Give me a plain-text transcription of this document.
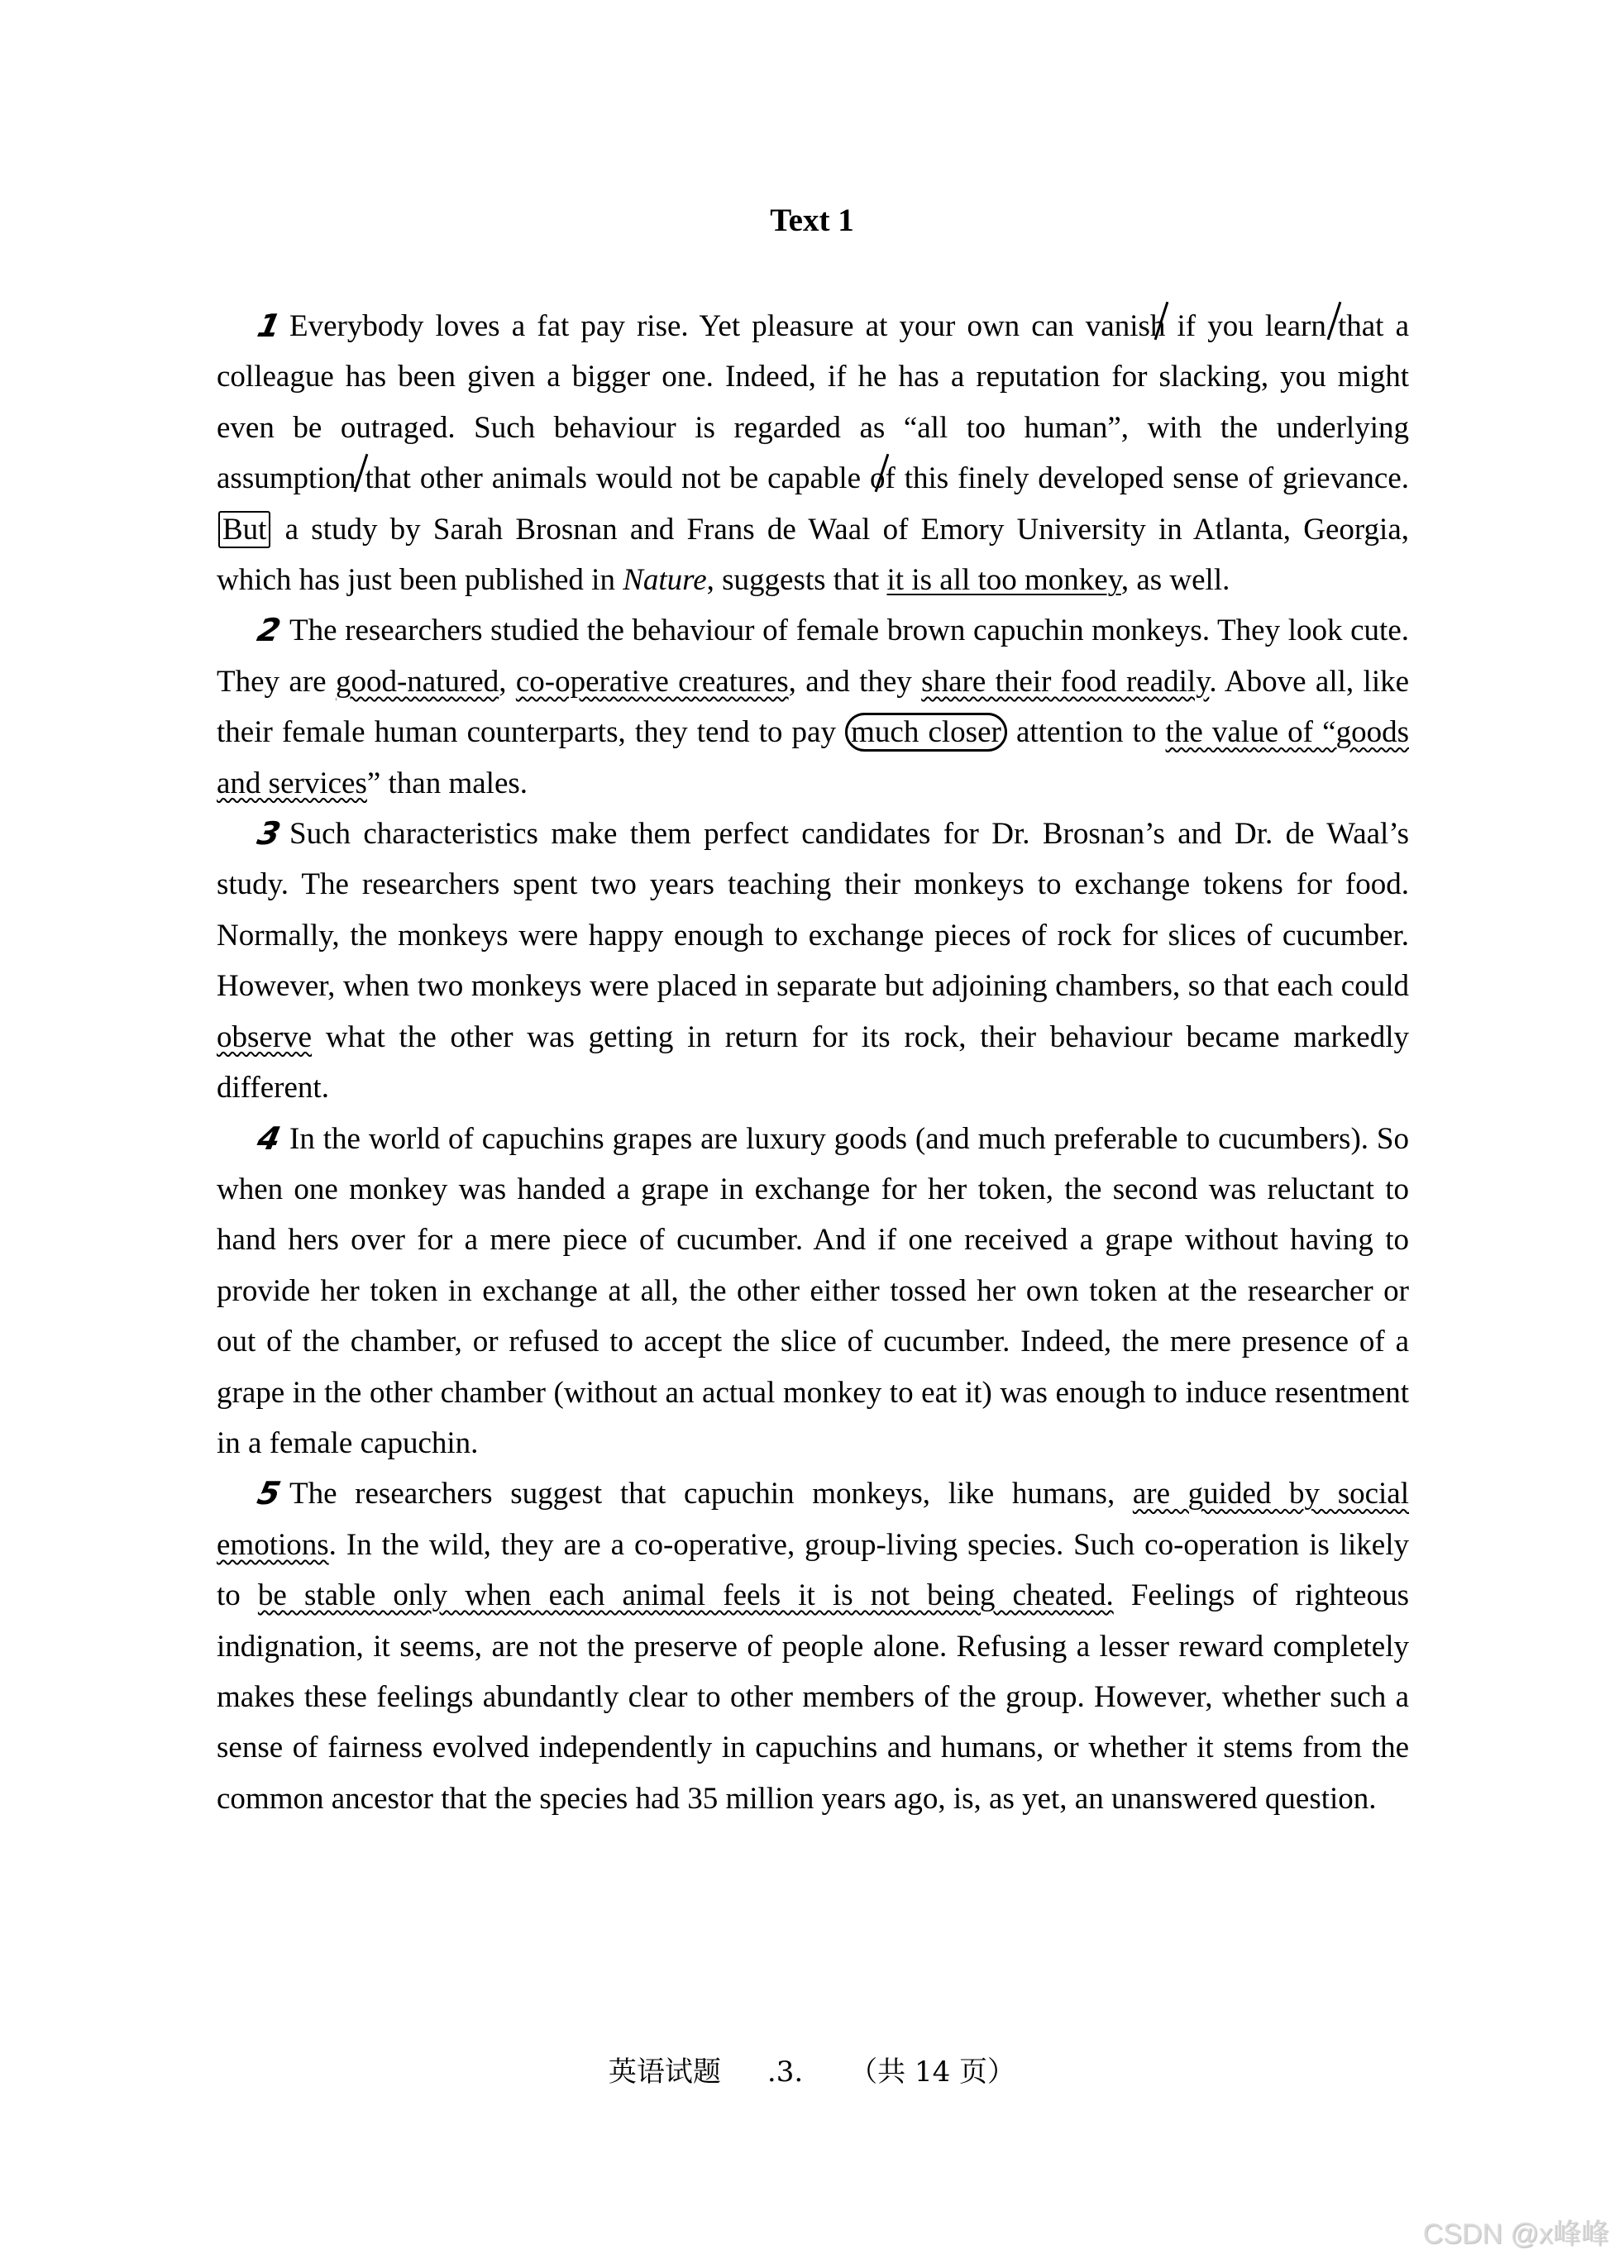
Text 1

1 Everybody loves a fat pay rise. Yet pleasure at your own can vanish if you learn that a colleague has been given a bigger one. Indeed, if he has a reputation for slacking, you might even be outraged. Such behaviour is regarded as “all too human”, with the underlying assumption that other animals would not be capable of this finely developed sense of grievance. But a study by Sarah Brosnan and Frans de Waal of Emory University in Atlanta, Georgia, which has just been published in Nature, suggests that it is all too monkey, as well.

2 The researchers studied the behaviour of female brown capuchin monkeys. They look cute. They are good-natured, co-operative creatures, and they share their food readily. Above all, like their female human counterparts, they tend to pay much closer attention to the value of “goods and services” than males.

3 Such characteristics make them perfect candidates for Dr. Brosnan’s and Dr. de Waal’s study. The researchers spent two years teaching their monkeys to exchange tokens for food. Normally, the monkeys were happy enough to exchange pieces of rock for slices of cucumber. However, when two monkeys were placed in separate but adjoining chambers, so that each could observe what the other was getting in return for its rock, their behaviour became markedly different.

4 In the world of capuchins grapes are luxury goods (and much preferable to cucumbers). So when one monkey was handed a grape in exchange for her token, the second was reluctant to hand hers over for a mere piece of cucumber. And if one received a grape without having to provide her token in exchange at all, the other either tossed her own token at the researcher or out of the chamber, or refused to accept the slice of cucumber. Indeed, the mere presence of a grape in the other chamber (without an actual monkey to eat it) was enough to induce resentment in a female capuchin.

5 The researchers suggest that capuchin monkeys, like humans, are guided by social emotions. In the wild, they are a co-operative, group-living species. Such co-operation is likely to be stable only when each animal feels it is not being cheated. Feelings of righteous indignation, it seems, are not the preserve of people alone. Refusing a lesser reward completely makes these feelings abundantly clear to other members of the group. However, whether such a sense of fairness evolved independently in capuchins and humans, or whether it stems from the common ancestor that the species had 35 million years ago, is, as yet, an unanswered question.

英语试题 .3. （共 14 页）
CSDN @x峰峰
